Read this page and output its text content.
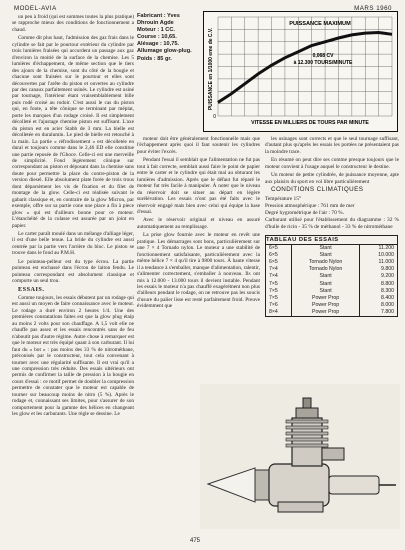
MODEL-AVIA	MARS 1960

un peu à froid (qui est sommes toutes la plus pratique) se rapproche mieux des conditions de fonctionnement a chaud.

Comme dit plus haut, l'admission des gaz frais dans le cylindre se fait par le pourtour extérieur du cylindre par trois lumières fraisées qui accordent un passage aux gaz d'environ la moitié de la surface de la chemise. Les 5 lumières d'échappement, de même section que le tiers des ajours de la chemise, sont du côté de la bougie et chacune sont fraisées sur le pourtour et elles sont découvertes par l'arête du piston et ouvertes au cylindre par des canaux parfaitement usinés. Le cylindre est usiné par tournage, l'intérieur étant vraisemblablement bille puis rodé croisé au rodoir. C'est aussi le cas du piston qui, en fonte, a tête cônique se terminant par méplat, porte les marques d'un rodage croisé. Il est simplement décolleté et l'ajustage chemise piston est suffisant. L'axe du piston est en acier Stabb de 3 mm. La bielle est décolletée en duralumin. Le pied de bielle est retouché à la main. La partie « réfrodissement » est décolletée en dural et toujours comme dans le 2,46 ED elle constitue une partie reposée de l'Ghoce. Celle-ci est une merveille de simplicité. Fond lègèrement cônique sur correspondant au piston et déposant dans la chemise sans doute pour permettre la place du contre-piston de la version diesel. Elle absolument plate forée de trois trous dont déparsèment les vis de fixation et du filet de montage de la glow. Celle-ci est réalisée suivant le gabarit classique et, en contraire de la glow Micron, par exemple, offre sur sa partie cone une place a fin à piece glow « qui est d'ailleurs bonne pour ce moteur. L'étanchéité de la culasse est assurée par un joint en papier.

Le carter paraît moulé dans un mélange d'alliage léger, il est d'une belle tenue. La bride du cylindre est aussi centrée par la partie vers l'arrière du bloc. Le piston se trouve dans le fond au P.M.H.

Le pointeau-pelleur est du type écrou. La partie pointeau est enchassé dans l'écrou de laiton fendu. Le pointeau correspondant est absolument classique et comporte un seul trou.

ESSAIS.

Comme toujours, les essais débutent par un rodage qui est aussi un moyen de faire connaissance avec le moteur. Le rodage a duré environ 2 heures 1/4. Une des premières constatations faites est que la glow plug étaip au moins 2 volts pour son chauffage. A 1,5 volt elle ne chauffe pas assez et les essais rencontrés sans de feu n'aboutit pas d'autre régime. Autre chose à remarquer est que le moteur est très équipé quant à son carburant. Il lui faut du « bot » : pas moins des 33 % de nitrométhane, préconisés par le constructeur, tout cela convenant à tourner avec une régularité suffisante. Il est vrai qu'il a une compression très réduite. Des essais ultérieurs ont permis de confirmer la taille de pression à la bougie en cours d'essai : ce motif permet de doubler la compression permettre de constater que le moteur est capable de tourner sur beaucoup moins de nitro (5 %). Après le rodage et, connaissant ses limites, pour s'assurer de son comportement pour la gamme des hélices en changeant les glow et les carburants. Une règle se dessine. Le

Fabricant : Yves Dhrouin Agde
Moteur : 1 CC.
Course : 10,65.
Alésage : 10,75.
Allumage glow-plug.
Poids : 85 gr.	PUISSANCE en 1/1000 eme de C.V.
0
PUISSANCE MAXIMUM
0,068 CV
à 12.300 TOURS/MINUTE
VITESSE EN MILLIERS DE TOURS PAR MINUTE

moteur doit être généralement fonctionnelle mais que l'échappement après quoi il faut soutenir les cylindres pour éviter l'excès.

Pendant l'essai il semblait que l'alimentation ne fut pas tout à fait correcte, semblait aussi faire le point de papier entre le carter et le cylindre qui était mal au obturant les lumières d'admission. Après que le défaut fut réparé le moteur fut très facile à manipuler. À noter que le niveau du réservoir doit se situer au départ en légère surélévation. Les essais n'ont pas été faits avec le réservoir engagé mais bien avec celui qui équipe la base d'essai.

Avec le réservoir original et niveau en assuré automatiquement au remplissage.

La prise glow fournie avec le moteur en revêt une pratique. Les démarrages sont bons, particulièrement sur une 7 × 4 Tornado nylon. Le moteur a une stabilité de fonctionnement satisfaisante, particulièrement avec la même hélice 7 × 4 qu'il tire à 9800 tours. À haute vitesse il a tendance à s'emballer, manque d'alimentation, ralentir, s'alimenter correctement, s'emballer à nouveau. Ils ont mis à 12.000 - 13.000 tours il devient instable. Pendant les essais le moteur n'a pas chauffé exagérément non plus d'ailleurs pendant le rodage, on ne retrouve pas les soucis d'usure du palier lisse est resté parfaitement froid. Preuve évidemment que

les usinages sont corrects et que le seul tournage suffisant, d'autant plus qu'après les essais les portées ne présentaient pas la moindre trace.

En résumé on peut dire ses comme presque toujours que le moteur convient à l'usage auquel le constructeur le destine.

Un moteur de petite cylindrée, de puissance moyenne, apte aux plaisirs du sport en vol libre particulièrement

CONDITIONS CLIMATIQUES

Température 15°
Pression atmosphérique : 761 mm de mer
Degré hygrométrique de l'air : 70 %.
Carburant utilisé pour l'établissement du diagramme : 32 % d'huile de ricin - 35 % de méthanol - 33 % de nitrométhane
TABLEAU DES ESSAIS		
6×5	Stant	11.200
6×5	Stant	10.000
6×5	Tornado Nylon	11.000
7×4	Tornado Nylon	9.800
7×4	Stant	9.200
7×5	Stant	8.800
7×5	Stant	8.300
7×5	Power Prop	8.400
7×6	Power Prop	8.000
8×4	Power Prop	7.800
475
